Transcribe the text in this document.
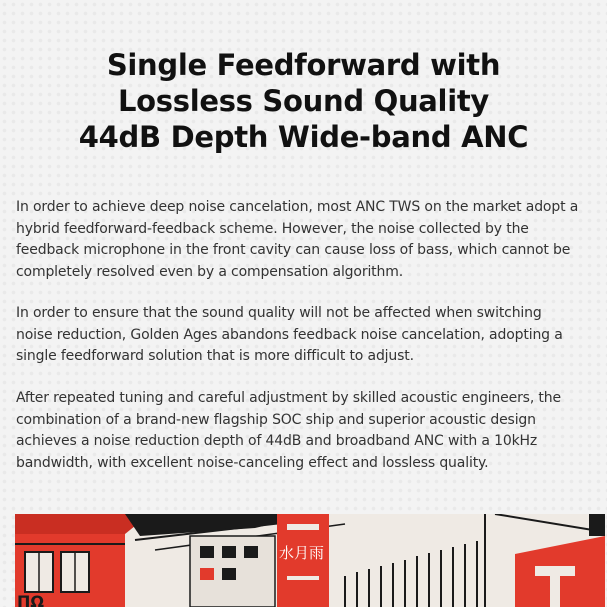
Single Feedforward with
Lossless Sound Quality
44dB Depth Wide-band ANC
In order to achieve deep noise cancelation, most ANC TWS on the market adopt a
hybrid feedforward-feedback scheme. However, the noise collected by the
feedback microphone in the front cavity can cause loss of bass, which cannot be
completely resolved even by a compensation algorithm.
In order to ensure that the sound quality will not be affected when switching
noise reduction, Golden Ages abandons feedback noise cancelation, adopting a
single feedforward solution that is more difficult to adjust.
After repeated tuning and careful adjustment by skilled acoustic engineers, the
combination of a brand-new flagship SOC ship and superior acoustic design
achieves a noise reduction depth of 44dB and broadband ANC with a 10kHz
bandwidth, with excellent noise-canceling effect and lossless quality.
ΠΩ
水月雨
